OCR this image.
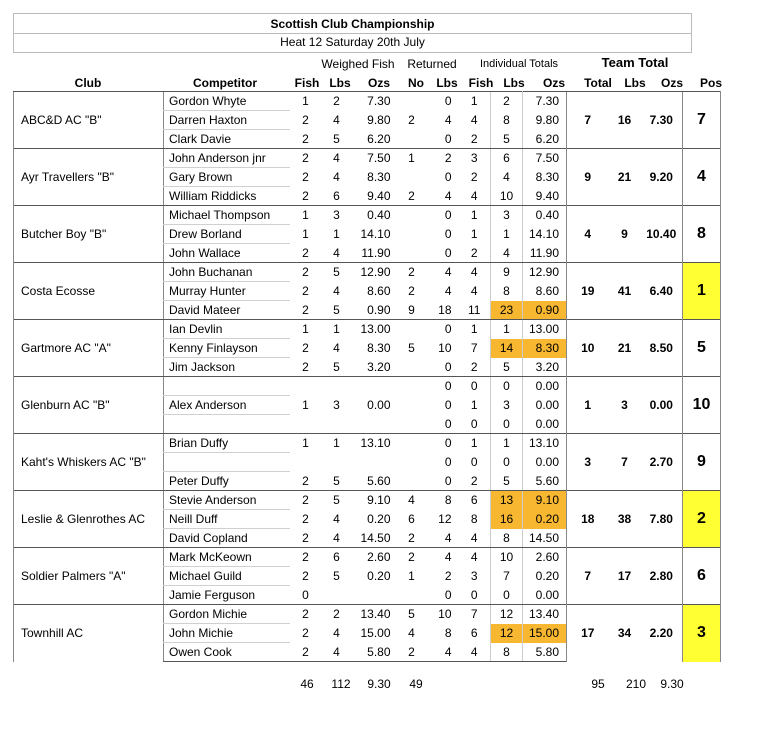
Scottish Club Championship
Heat 12 Saturday 20th July
Weighed Fish	Returned	Individual Totals	Team Total
Club	Competitor	Fish Lbs	Ozs	No	Lbs Fish Lbs	Ozs	Total	Lbs	Ozs	Pos
ABC&D AC "B"	Gordon Whyte	1	2	7.30		0	1	2	7.30	7	16	7.30	7
	Darren Haxton	2	4	9.80	2	4	4	8	9.80				
	Clark Davie	2	5	6.20		0	2	5	6.20				
Ayr Travellers "B"	John Anderson jnr	2	4	7.50	1	2	3	6	7.50	9	21	9.20	4
	Gary Brown	2	4	8.30		0	2	4	8.30				
	William Riddicks	2	6	9.40	2	4	4	10	9.40				
Butcher Boy "B"	Michael Thompson	1	3	0.40		0	1	3	0.40	4	9	10.40	8
	Drew Borland	1	1	14.10		0	1	1	14.10				
	John Wallace	2	4	11.90		0	2	4	11.90				
Costa Ecosse	John Buchanan	2	5	12.90	2	4	4	9	12.90	19	41	6.40	1
	Murray Hunter	2	4	8.60	2	4	4	8	8.60				
	David Mateer	2	5	0.90	9	18	11	23	0.90				
Gartmore AC "A"	Ian Devlin	1	1	13.00		0	1	1	13.00	10	21	8.50	5
	Kenny Finlayson	2	4	8.30	5	10	7	14	8.30				
	Jim Jackson	2	5	3.20		0	2	5	3.20				
Glenburn AC "B"						0	0	0	0.00	1	3	0.00	10
	Alex Anderson	1	3	0.00		0	1	3	0.00				
						0	0	0	0.00				
Kaht's Whiskers AC "B"	Brian Duffy	1	1	13.10		0	1	1	13.10	3	7	2.70	9
						0	0	0	0.00				
	Peter Duffy	2	5	5.60		0	2	5	5.60				
Leslie & Glenrothes AC	Stevie Anderson	2	5	9.10	4	8	6	13	9.10	18	38	7.80	2
	Neill Duff	2	4	0.20	6	12	8	16	0.20				
	David Copland	2	4	14.50	2	4	4	8	14.50				
Soldier Palmers "A"	Mark McKeown	2	6	2.60	2	4	4	10	2.60	7	17	2.80	6
	Michael Guild	2	5	0.20	1	2	3	7	0.20				
	Jamie Ferguson	0				0	0	0	0.00				
Townhill AC	Gordon Michie	2	2	13.40	5	10	7	12	13.40	17	34	2.20	3
	John Michie	2	4	15.00	4	8	6	12	15.00				
	Owen Cook	2	4	5.80	2	4	4	8	5.80				
46	112	9.30	49	95	210	9.30
